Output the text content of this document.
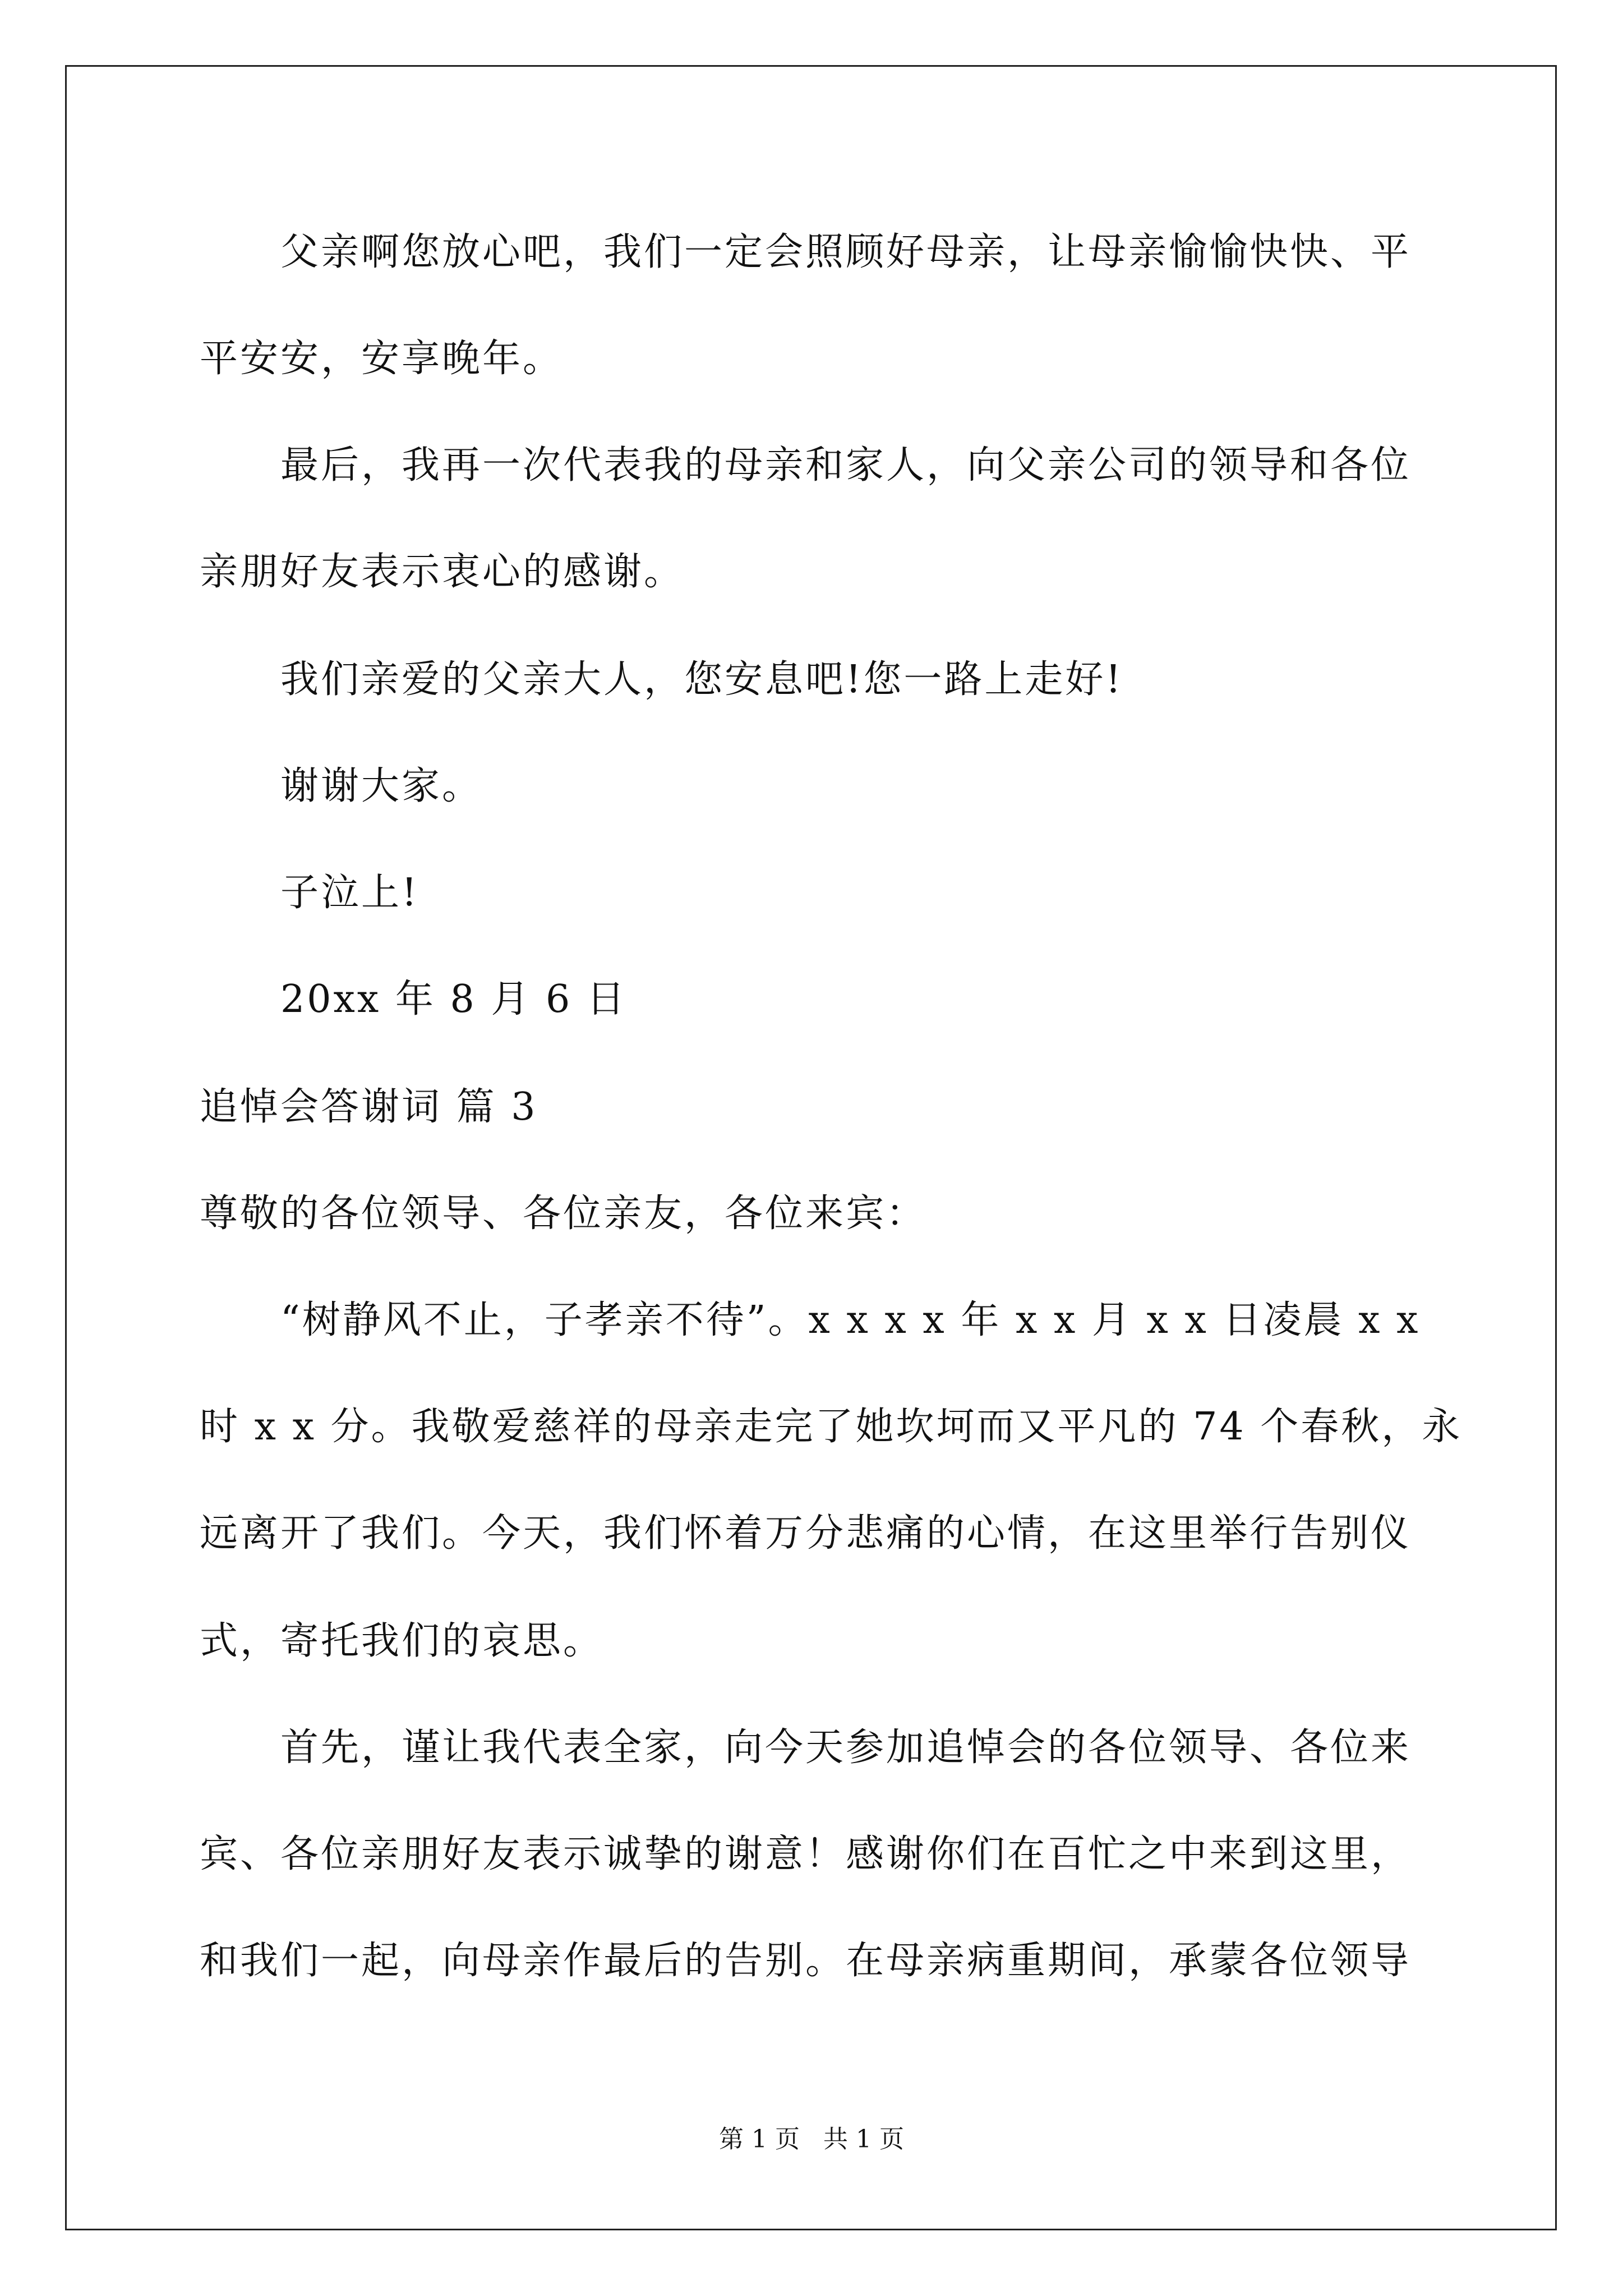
父亲啊您放心吧，我们一定会照顾好母亲，让母亲愉愉快快、平
平安安，安享晚年。
最后，我再一次代表我的母亲和家人，向父亲公司的领导和各位
亲朋好友表示衷心的感谢。
我们亲爱的父亲大人，您安息吧!您一路上走好!
谢谢大家。
子泣上!
20xx 年 8 月 6 日
追悼会答谢词 篇 3
尊敬的各位领导、各位亲友，各位来宾：
“树静风不止，子孝亲不待”。x x x x 年 x x 月 x x 日凌晨 x x
时 x x 分。我敬爱慈祥的母亲走完了她坎坷而又平凡的 74 个春秋，永
远离开了我们。今天，我们怀着万分悲痛的心情，在这里举行告别仪
式，寄托我们的哀思。
首先，谨让我代表全家，向今天参加追悼会的各位领导、各位来
宾、各位亲朋好友表示诚挚的谢意！感谢你们在百忙之中来到这里，
和我们一起，向母亲作最后的告别。在母亲病重期间，承蒙各位领导
第 1 页   共 1 页
